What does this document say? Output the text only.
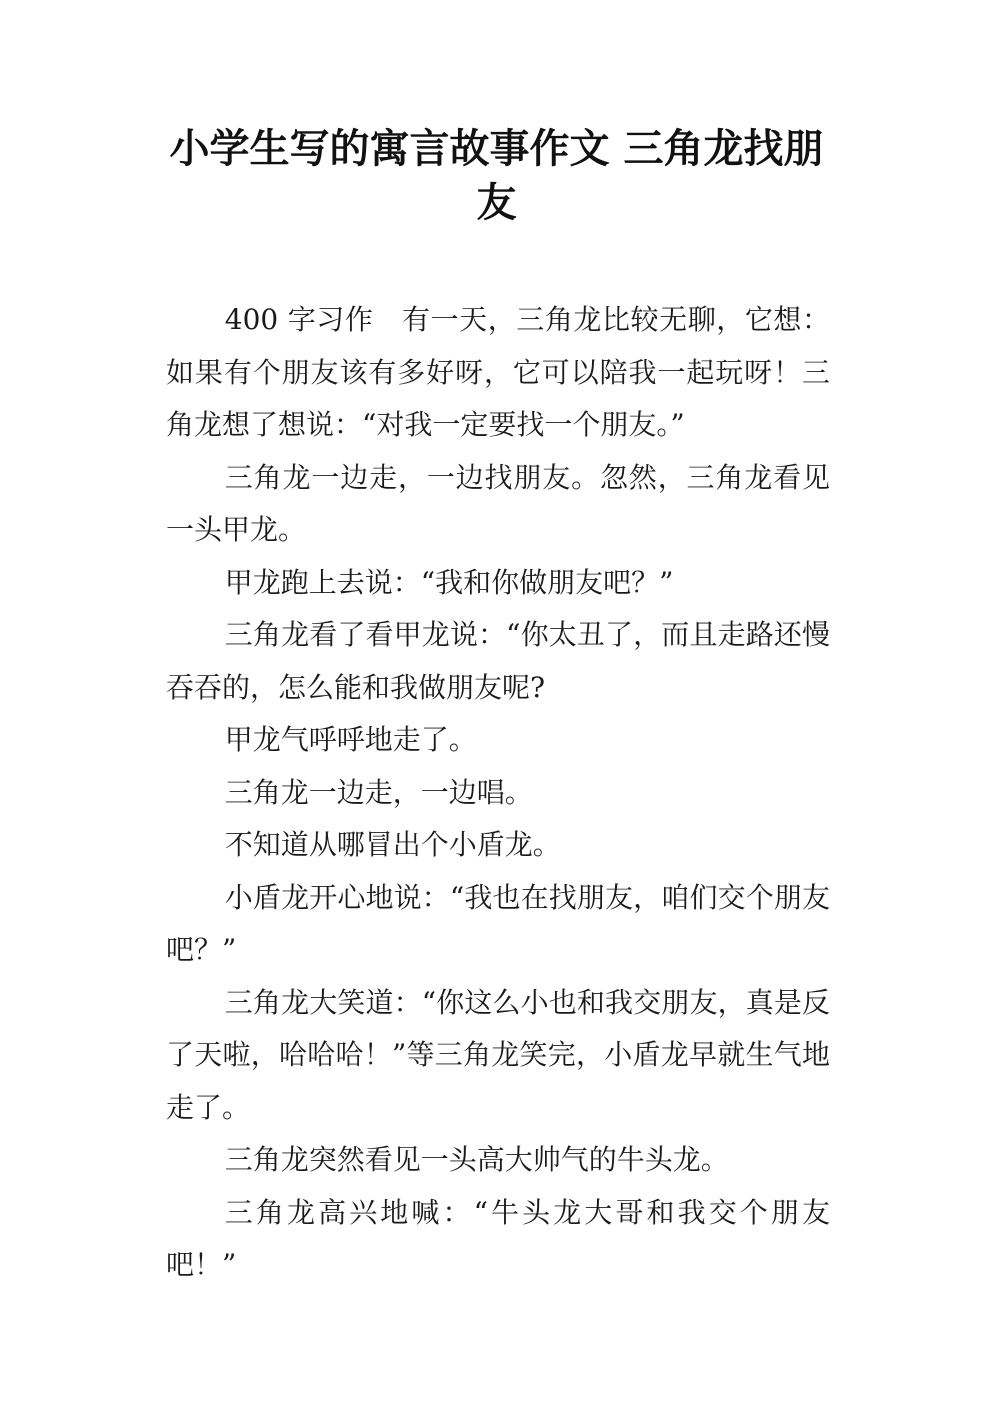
小学生写的寓言故事作文 三角龙找朋友

400 字习作　有一天，三角龙比较无聊，它想：如果有个朋友该有多好呀，它可以陪我一起玩呀！三角龙想了想说：“对我一定要找一个朋友。”

三角龙一边走，一边找朋友。忽然，三角龙看见一头甲龙。

甲龙跑上去说：“我和你做朋友吧？”

三角龙看了看甲龙说：“你太丑了，而且走路还慢吞吞的，怎么能和我做朋友呢?

甲龙气呼呼地走了。

三角龙一边走，一边唱。

不知道从哪冒出个小盾龙。

小盾龙开心地说：“我也在找朋友，咱们交个朋友吧？”

三角龙大笑道：“你这么小也和我交朋友，真是反了天啦，哈哈哈！”等三角龙笑完，小盾龙早就生气地走了。

三角龙突然看见一头高大帅气的牛头龙。

三角龙高兴地喊：“牛头龙大哥和我交个朋友吧！”
